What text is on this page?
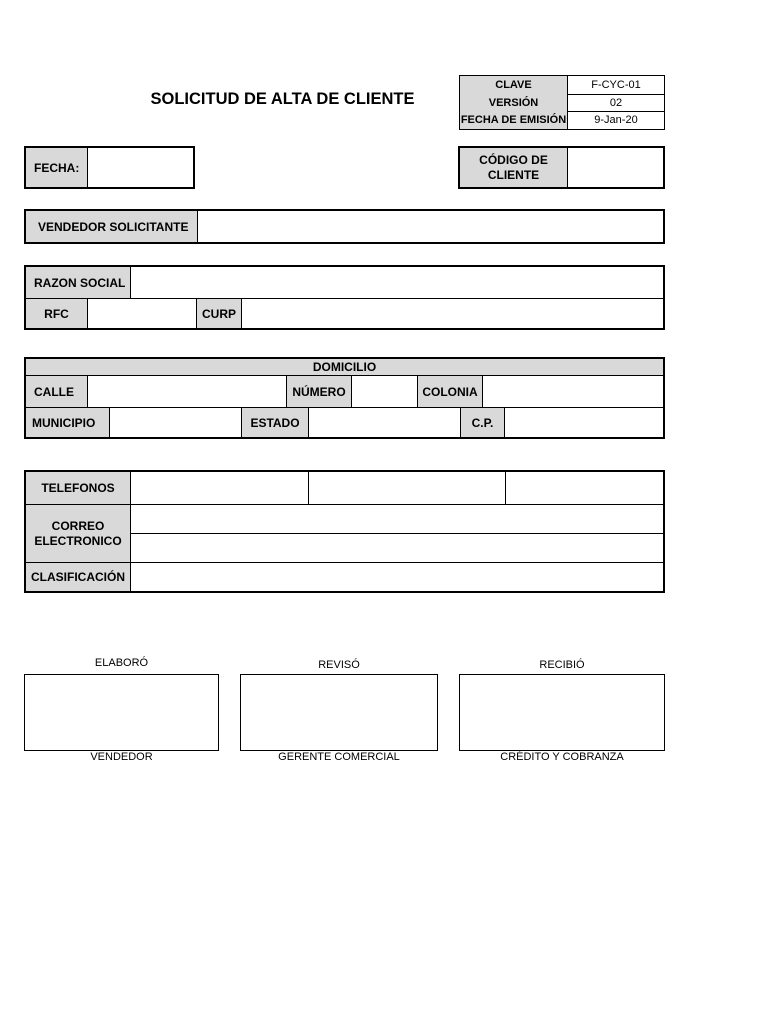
SOLICITUD DE ALTA DE CLIENTE
CLAVE	F-CYC-01
VERSIÓN	02
FECHA DE EMISIÓN	9-Jan-20
FECHA:
CÓDIGO DE
CLIENTE
VENDEDOR SOLICITANTE
RAZON SOCIAL
RFC	CURP
DOMICILIO
CALLE	NÚMERO	COLONIA
MUNICIPIO	ESTADO	C.P.
TELEFONOS
CORREO
ELECTRONICO
CLASIFICACIÓN
ELABORÓ
VENDEDOR
REVISÓ
GERENTE COMERCIAL
RECIBIÓ
CRÉDITO Y COBRANZA
